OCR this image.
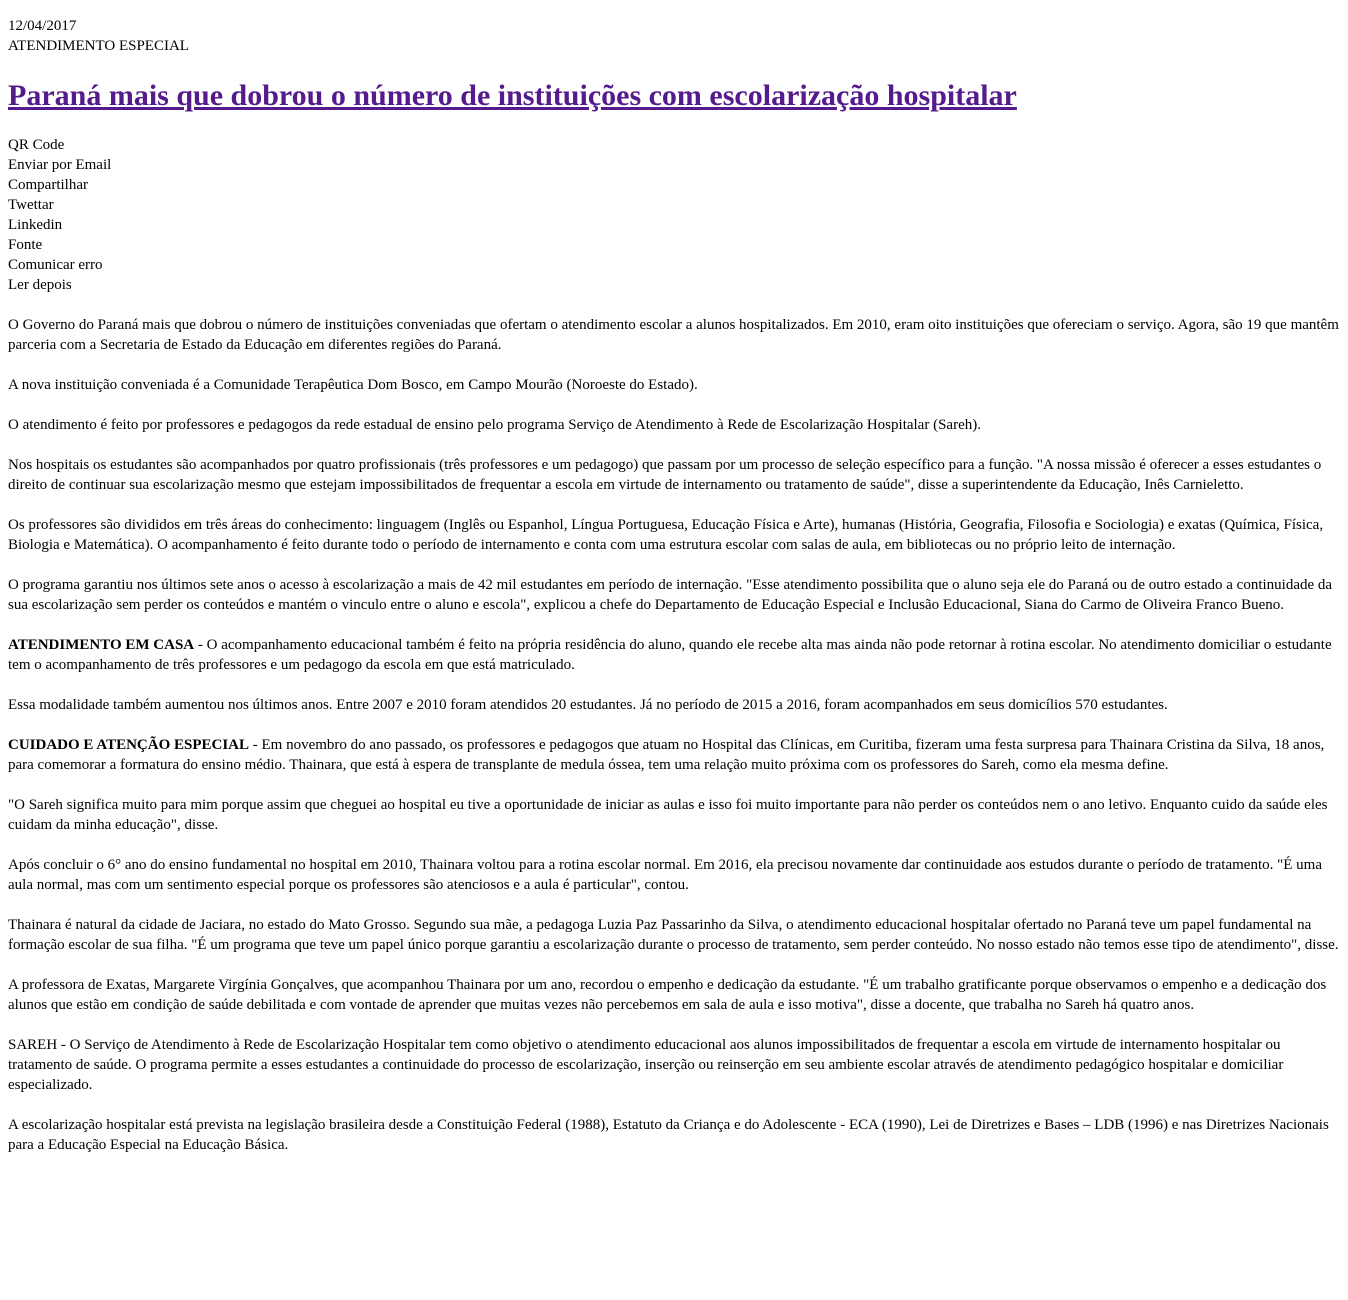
12/04/2017
ATENDIMENTO ESPECIAL
Paraná mais que dobrou o número de instituições com escolarização hospitalar
QR Code
Enviar por Email
Compartilhar
Twettar
Linkedin
Fonte
Comunicar erro
Ler depois

O Governo do Paraná mais que dobrou o número de instituições conveniadas que ofertam o atendimento escolar a alunos hospitalizados. Em 2010, eram oito instituições que ofereciam o serviço. Agora, são 19 que mantêm parceria com a Secretaria de Estado da Educação em diferentes regiões do Paraná.

A nova instituição conveniada é a Comunidade Terapêutica Dom Bosco, em Campo Mourão (Noroeste do Estado).

O atendimento é feito por professores e pedagogos da rede estadual de ensino pelo programa Serviço de Atendimento à Rede de Escolarização Hospitalar (Sareh).

Nos hospitais os estudantes são acompanhados por quatro profissionais (três professores e um pedagogo) que passam por um processo de seleção específico para a função. "A nossa missão é oferecer a esses estudantes o direito de continuar sua escolarização mesmo que estejam impossibilitados de frequentar a escola em virtude de internamento ou tratamento de saúde", disse a superintendente da Educação, Inês Carnieletto.

Os professores são divididos em três áreas do conhecimento: linguagem (Inglês ou Espanhol, Língua Portuguesa, Educação Física e Arte), humanas (História, Geografia, Filosofia e Sociologia) e exatas (Química, Física, Biologia e Matemática). O acompanhamento é feito durante todo o período de internamento e conta com uma estrutura escolar com salas de aula, em bibliotecas ou no próprio leito de internação.

O programa garantiu nos últimos sete anos o acesso à escolarização a mais de 42 mil estudantes em período de internação. "Esse atendimento possibilita que o aluno seja ele do Paraná ou de outro estado a continuidade da sua escolarização sem perder os conteúdos e mantém o vinculo entre o aluno e escola", explicou a chefe do Departamento de Educação Especial e Inclusão Educacional, Siana do Carmo de Oliveira Franco Bueno.

ATENDIMENTO EM CASA - O acompanhamento educacional também é feito na própria residência do aluno, quando ele recebe alta mas ainda não pode retornar à rotina escolar. No atendimento domiciliar o estudante tem o acompanhamento de três professores e um pedagogo da escola em que está matriculado.

Essa modalidade também aumentou nos últimos anos. Entre 2007 e 2010 foram atendidos 20 estudantes. Já no período de 2015 a 2016, foram acompanhados em seus domicílios 570 estudantes.

CUIDADO E ATENÇÃO ESPECIAL - Em novembro do ano passado, os professores e pedagogos que atuam no Hospital das Clínicas, em Curitiba, fizeram uma festa surpresa para Thainara Cristina da Silva, 18 anos, para comemorar a formatura do ensino médio. Thainara, que está à espera de transplante de medula óssea, tem uma relação muito próxima com os professores do Sareh, como ela mesma define.

"O Sareh significa muito para mim porque assim que cheguei ao hospital eu tive a oportunidade de iniciar as aulas e isso foi muito importante para não perder os conteúdos nem o ano letivo. Enquanto cuido da saúde eles cuidam da minha educação", disse.

Após concluir o 6° ano do ensino fundamental no hospital em 2010, Thainara voltou para a rotina escolar normal. Em 2016, ela precisou novamente dar continuidade aos estudos durante o período de tratamento. "É uma aula normal, mas com um sentimento especial porque os professores são atenciosos e a aula é particular", contou.

Thainara é natural da cidade de Jaciara, no estado do Mato Grosso. Segundo sua mãe, a pedagoga Luzia Paz Passarinho da Silva, o atendimento educacional hospitalar ofertado no Paraná teve um papel fundamental na formação escolar de sua filha. "É um programa que teve um papel único porque garantiu a escolarização durante o processo de tratamento, sem perder conteúdo. No nosso estado não temos esse tipo de atendimento", disse.

A professora de Exatas, Margarete Virgínia Gonçalves, que acompanhou Thainara por um ano, recordou o empenho e dedicação da estudante. "É um trabalho gratificante porque observamos o empenho e a dedicação dos alunos que estão em condição de saúde debilitada e com vontade de aprender que muitas vezes não percebemos em sala de aula e isso motiva", disse a docente, que trabalha no Sareh há quatro anos.

SAREH - O Serviço de Atendimento à Rede de Escolarização Hospitalar tem como objetivo o atendimento educacional aos alunos impossibilitados de frequentar a escola em virtude de internamento hospitalar ou tratamento de saúde. O programa permite a esses estudantes a continuidade do processo de escolarização, inserção ou reinserção em seu ambiente escolar através de atendimento pedagógico hospitalar e domiciliar especializado.

A escolarização hospitalar está prevista na legislação brasileira desde a Constituição Federal (1988), Estatuto da Criança e do Adolescente - ECA (1990), Lei de Diretrizes e Bases – LDB (1996) e nas Diretrizes Nacionais para a Educação Especial na Educação Básica.
